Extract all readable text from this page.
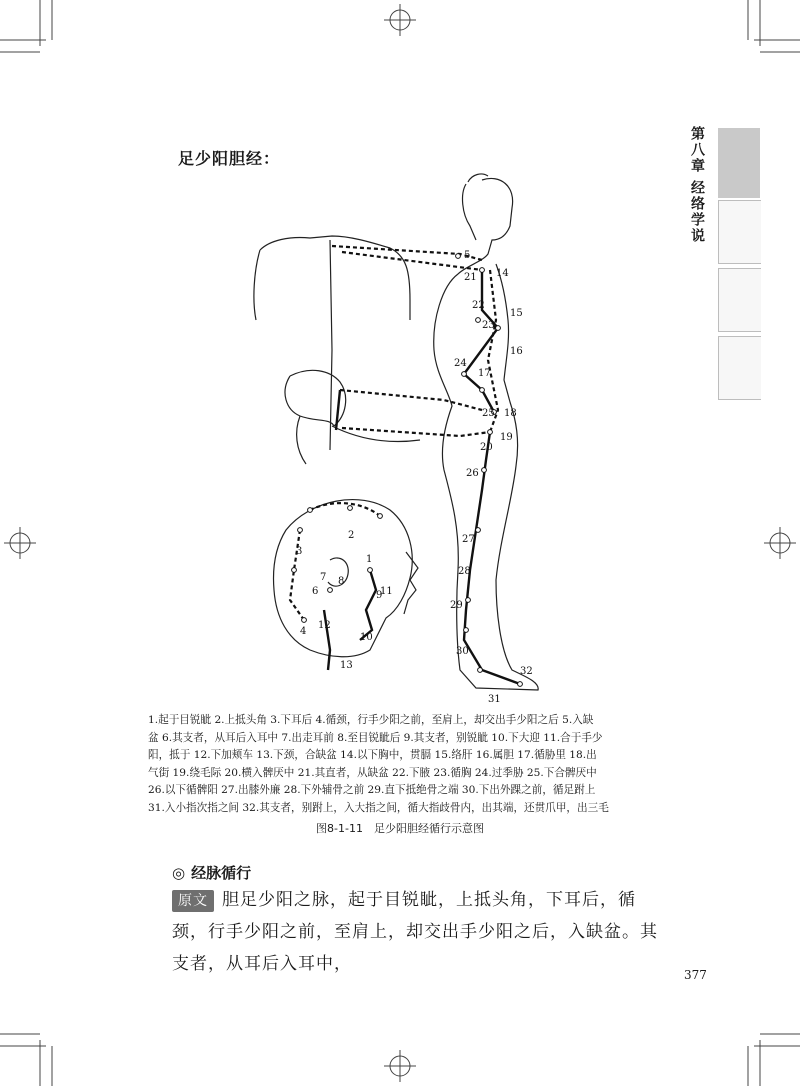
足少阳胆经：	第八章
经络学说
1
2
3
4
5
6
7 8
9
10
11
12
13
14
15
16
17
18
19
20
21
22
23
24
25
26
27
28
29
30
31
32

1.起于目锐眦 2.上抵头角 3.下耳后 4.循颈，行手少阳之前，至肩上，却交出手少阳之后 5.入缺

盆 6.其支者，从耳后入耳中 7.出走耳前 8.至目锐眦后 9.其支者，别锐眦 10.下大迎 11.合于手少

阳，抵于 12.下加颊车 13.下颈，合缺盆 14.以下胸中，贯膈 15.络肝 16.属胆 17.循胁里 18.出

气街 19.绕毛际 20.横入髀厌中 21.其直者，从缺盆 22.下腋 23.循胸 24.过季胁 25.下合髀厌中

26.以下循髀阳 27.出膝外廉 28.下外辅骨之前 29.直下抵绝骨之端 30.下出外踝之前，循足跗上

31.入小指次指之间 32.其支者，别跗上，入大指之间，循大指歧骨内，出其端，还贯爪甲，出三毛

图8-1-11　足少阳胆经循行示意图
◎ 经脉循行
原文 胆足少阳之脉，起于目锐眦，上抵头角，下耳后，循颈，行手少阳之前，至肩上，却交出手少阳之后，入缺盆。其支者，从耳后入耳中，
377
